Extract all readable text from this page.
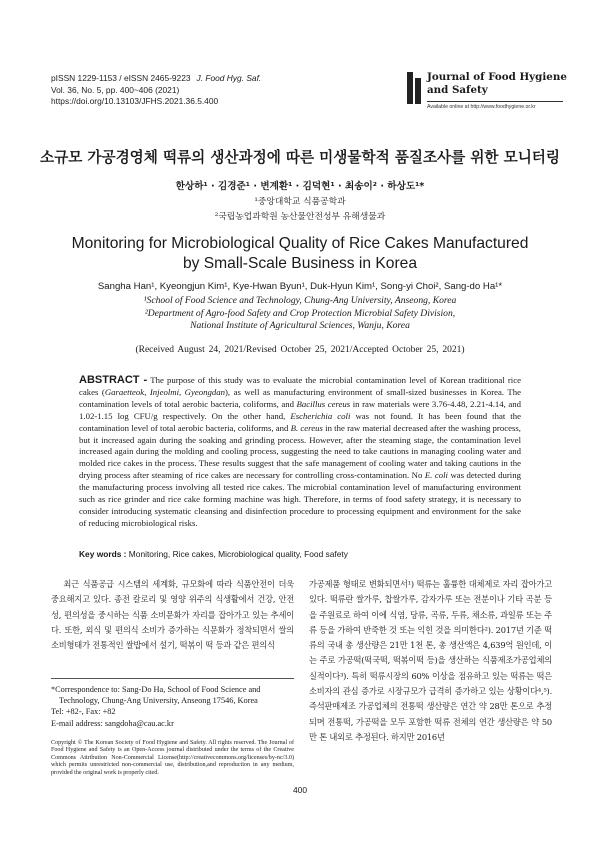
pISSN 1229-1153 / eISSN 2465-9223 J. Food Hyg. Saf.
Vol. 36, No. 5, pp. 400~406 (2021)
https://doi.org/10.13103/JFHS.2021.36.5.400
Journal of Food Hygiene
and Safety
Available online at http://www.foodhygiene.or.kr
소규모 가공경영체 떡류의 생산과정에 따른 미생물학적 품질조사를 위한 모니터링
한상하¹ · 김경준¹ · 변계환¹ · 김덕현¹ · 최송이² · 하상도¹*
¹중앙대학교 식품공학과
²국립농업과학원 농산물안전성부 유해생물과
Monitoring for Microbiological Quality of Rice Cakes Manufactured
by Small-Scale Business in Korea
Sangha Han¹, Kyeongjun Kim¹, Kye-Hwan Byun¹, Duk-Hyun Kim¹, Song-yi Choi², Sang-do Ha¹*
¹School of Food Science and Technology, Chung-Ang University, Anseong, Korea
²Department of Agro-food Safety and Crop Protection Microbial Safety Division,
National Institute of Agricultural Sciences, Wanju, Korea
(Received August 24, 2021/Revised October 25, 2021/Accepted October 25, 2021)
ABSTRACT - The purpose of this study was to evaluate the microbial contamination level of Korean traditional rice cakes (Garaetteok, Injeolmi, Gyeongdan), as well as manufacturing environment of small-sized businesses in Korea. The contamination levels of total aerobic bacteria, coliforms, and Bacillus cereus in raw materials were 3.76-4.48, 2.21-4.14, and 1.02-1.15 log CFU/g respectively. On the other hand, Escherichia coli was not found. It has been found that the contamination level of total aerobic bacteria, coliforms, and B. cereus in the raw material decreased after the washing process, but it increased again during the soaking and grinding process. However, after the steaming stage, the contamination level increased again during the molding and cooling process, suggesting the need to take cautions in managing cooling water and molded rice cakes in the process. These results suggest that the safe management of cooling water and taking cautions in the drying process after steaming of rice cakes are necessary for controlling cross-contamination. No E. coli was detected during the manufacturing process involving all tested rice cakes. The microbial contamination level of manufacturing environment such as rice grinder and rice cake forming machine was high. Therefore, in terms of food safety strategy, it is necessary to consider introducing systematic cleansing and disinfection procedure to processing equipment and environment for the sake of reducing microbiological risks.
Key words : Monitoring, Rice cakes, Microbiological quality, Food safety
최근 식품공급 시스템의 세계화, 규모화에 따라 식품안전이 더욱 중요해지고 있다. 종전 칼로리 및 영양 위주의 식생활에서 건강, 안전성, 편의성을 중시하는 식품 소비문화가 자리를 잡아가고 있는 추세이다. 또한, 외식 및 편의식 소비가 증가하는 식문화가 정착되면서 쌀의 소비형태가 전통적인 쌀밥에서 설기, 떡볶이 떡 등과 같은 편의식
가공제품 형태로 변화되면서¹) 떡류는 훌륭한 대체제로 자리 잡아가고 있다. 떡류란 쌀가루, 찹쌀가루, 감자가루 또는 전분이나 기타 곡분 등을 주원료로 하여 이에 식염, 당류, 곡류, 두류, 채소류, 과일류 또는 주류 등을 가하여 반죽한 것 또는 익힌 것을 의미한다²). 2017년 기준 떡류의 국내 총 생산량은 21만 1천 톤, 총 생산액은 4,639억 원인데, 이는 주로 가공떡(떡국떡, 떡볶이떡 등)을 생산하는 식품제조가공업체의 실적이다³). 특히 떡류시장의 60% 이상을 점유하고 있는 떡류는 떡은 소비자의 관심 증가로 시장규모가 급격히 증가하고 있는 상황이다⁴,⁵). 즉석판매제조 가공업체의 전통떡 생산량은 연간 약 28만 톤으로 추정되며 전통떡, 가공떡을 모두 포함한 떡류 전체의 연간 생산량은 약 50만 톤 내외로 추정된다. 하지만 2016년
*Correspondence to: Sang-Do Ha, School of Food Science and
Technology, Chung-Ang University, Anseong 17546, Korea
Tel: +82-, Fax: +82
E-mail address: sangdoha@cau.ac.kr
Copyright © The Korean Society of Food Hygiene and Safety. All rights reserved. The Journal of Food Hygiene and Safety is an Open-Access journal distributed under the terms of the Creative Commons Attribution Non-Commercial License(http://creativecommons.org/licenses/by-nc/3.0) which permits unrestricted non-commercial use, distribution,and reproduction in any medium, provided the original work is properly cited.
400
